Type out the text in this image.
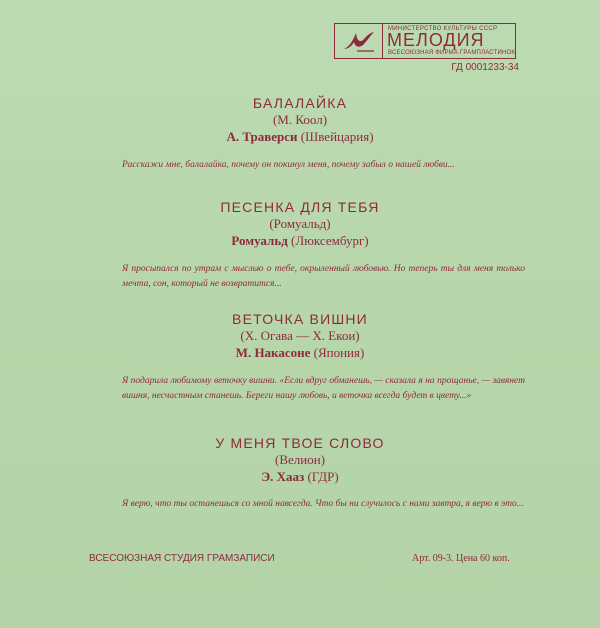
МИНИСТЕРСТВО КУЛЬТУРЫ СССР
МЕЛОДИЯ
ВСЕСОЮЗНАЯ ФИРМА ГРАМПЛАСТИНОК
ГД 0001233-34
БАЛАЛАЙКА
(М. Коол)
А. Траверси (Швейцария)
Расскажи мне, балалайка, почему он покинул меня, почему забыл о нашей любви...
ПЕСЕНКА ДЛЯ ТЕБЯ
(Ромуальд)
Ромуальд (Люксембург)
Я просыпался по утрам с мыслью о тебе, окрыленный любовью. Но теперь ты для меня только мечта, сон, который не возвратится...
ВЕТОЧКА ВИШНИ
(Х. Огава — Х. Екои)
М. Накасоне (Япония)
Я подарила любимому веточку вишни. «Если вдруг обманешь, — сказала я на прощанье, — завянет вишня, несчастным станешь. Береги нашу любовь, и веточка всегда будет в цвету...»
У МЕНЯ ТВОЕ СЛОВО
(Велион)
Э. Хааз (ГДР)
Я верю, что ты останешься со мной навсегда. Что бы ни случилось с нами завтра, я верю в это...
ВСЕСОЮЗНАЯ СТУДИЯ ГРАМЗАПИСИ	Арт. 09-3. Цена 60 коп.
